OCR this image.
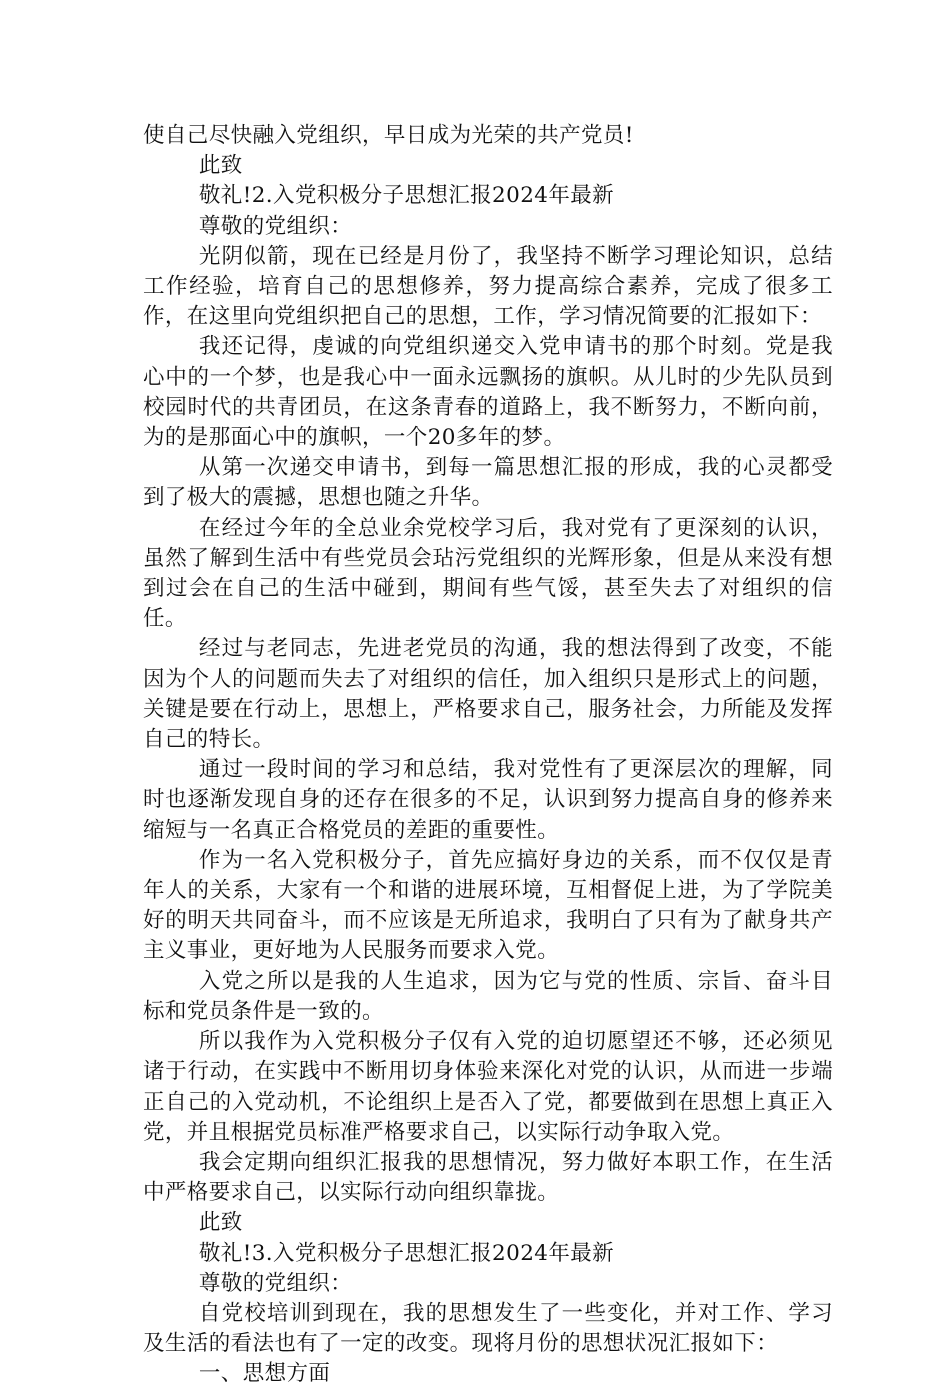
使自己尽快融入党组织，早日成为光荣的共产党员!

此致

敬礼!2.入党积极分子思想汇报2024年最新

尊敬的党组织：

光阴似箭，现在已经是月份了，我坚持不断学习理论知识，总结工作经验，培育自己的思想修养，努力提高综合素养，完成了很多工作，在这里向党组织把自己的思想，工作，学习情况简要的汇报如下：

我还记得，虔诚的向党组织递交入党申请书的那个时刻。党是我心中的一个梦，也是我心中一面永远飘扬的旗帜。从儿时的少先队员到校园时代的共青团员，在这条青春的道路上，我不断努力，不断向前，为的是那面心中的旗帜，一个20多年的梦。

从第一次递交申请书，到每一篇思想汇报的形成，我的心灵都受到了极大的震撼，思想也随之升华。

在经过今年的全总业余党校学习后，我对党有了更深刻的认识，虽然了解到生活中有些党员会玷污党组织的光辉形象，但是从来没有想到过会在自己的生活中碰到，期间有些气馁，甚至失去了对组织的信任。

经过与老同志，先进老党员的沟通，我的想法得到了改变，不能因为个人的问题而失去了对组织的信任，加入组织只是形式上的问题，关键是要在行动上，思想上，严格要求自己，服务社会，力所能及发挥自己的特长。

通过一段时间的学习和总结，我对党性有了更深层次的理解，同时也逐渐发现自身的还存在很多的不足，认识到努力提高自身的修养来缩短与一名真正合格党员的差距的重要性。

作为一名入党积极分子，首先应搞好身边的关系，而不仅仅是青年人的关系，大家有一个和谐的进展环境，互相督促上进，为了学院美好的明天共同奋斗，而不应该是无所追求，我明白了只有为了献身共产主义事业，更好地为人民服务而要求入党。

入党之所以是我的人生追求，因为它与党的性质、宗旨、奋斗目标和党员条件是一致的。

所以我作为入党积极分子仅有入党的迫切愿望还不够，还必须见诸于行动，在实践中不断用切身体验来深化对党的认识，从而进一步端正自己的入党动机，不论组织上是否入了党，都要做到在思想上真正入党，并且根据党员标准严格要求自己，以实际行动争取入党。

我会定期向组织汇报我的思想情况，努力做好本职工作，在生活中严格要求自己，以实际行动向组织靠拢。

此致

敬礼!3.入党积极分子思想汇报2024年最新

尊敬的党组织：

自党校培训到现在，我的思想发生了一些变化，并对工作、学习及生活的看法也有了一定的改变。现将月份的思想状况汇报如下：

一、思想方面
